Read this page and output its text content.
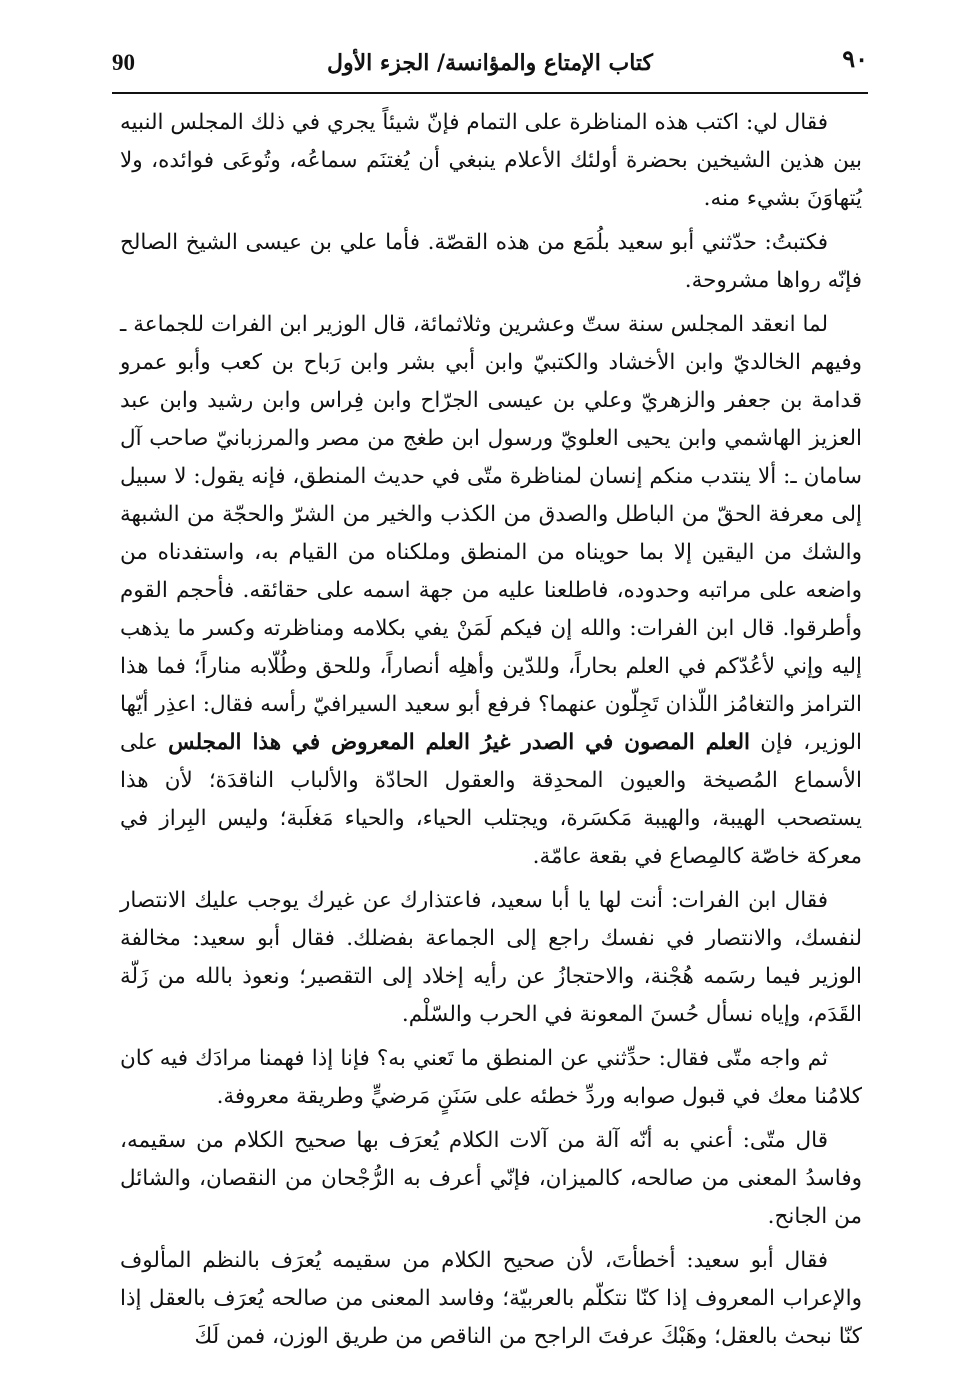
٩٠
كتاب الإمتاع والمؤانسة/ الجزء الأول
90

فقال لي: اكتب هذه المناظرة على التمام فإنّ شيئاً يجري في ذلك المجلس النبيه بين هذين الشيخين بحضرة أولئك الأعلام ينبغي أن يُغتنَم سماعُه، وتُوعَى فوائده، ولا يُتهاوَنَ بشيء منه.

فكتبتُ: حدّثني أبو سعيد بلُمَع من هذه القصّة. فأما علي بن عيسى الشيخ الصالح فإنّه رواها مشروحة.

لما انعقد المجلس سنة ستّ وعشرين وثلاثمائة، قال الوزير ابن الفرات للجماعة ـ وفيهم الخالديّ وابن الأخشاد والكتبيّ وابن أبي بشر وابن رَباح بن كعب وأبو عمرو قدامة بن جعفر والزهريّ وعلي بن عيسى الجرّاح وابن فِراس وابن رشيد وابن عبد العزيز الهاشمي وابن يحيى العلويّ ورسول ابن طغج من مصر والمرزبانيّ صاحب آل سامان ـ: ألا ينتدب منكم إنسان لمناظرة متّى في حديث المنطق، فإنه يقول: لا سبيل إلى معرفة الحقّ من الباطل والصدق من الكذب والخير من الشرّ والحجّة من الشبهة والشك من اليقين إلا بما حويناه من المنطق وملكناه من القيام به، واستفدناه من واضعه على مراتبه وحدوده، فاطلعنا عليه من جهة اسمه على حقائقه. فأحجم القوم وأطرقوا. قال ابن الفرات: والله إن فيكم لَمَنْ يفي بكلامه ومناظرته وكسر ما يذهب إليه وإني لأعُدّكم في العلم بحاراً، وللدّين وأهلِه أنصاراً، وللحق وطُلّابه مناراً؛ فما هذا الترامز والتغامُز اللّذان تَجِلّون عنهما؟ فرفع أبو سعيد السيرافيّ رأسه فقال: اعذِر أيّها الوزير، فإن العلم المصون في الصدر غيرُ العلم المعروض في هذا المجلس على الأسماع المُصيخة والعيون المحدِقة والعقول الحادّة والألباب الناقدَة؛ لأن هذا يستصحب الهيبة، والهيبة مَكسَرة، ويجتلب الحياء، والحياء مَغلَبة؛ وليس البِراز في معركة خاصّة كالمِصاع في بقعة عامّة.

فقال ابن الفرات: أنت لها يا أبا سعيد، فاعتذارك عن غيرك يوجب عليك الانتصار لنفسك، والانتصار في نفسك راجع إلى الجماعة بفضلك. فقال أبو سعيد: مخالفة الوزير فيما رسَمه هُجْنة، والاحتجازُ عن رأيه إخلاد إلى التقصير؛ ونعوذ بالله من زَلّة القَدَم، وإياه نسأل حُسنَ المعونة في الحرب والسّلْم.

ثم واجه متّى فقال: حدِّثني عن المنطق ما تَعني به؟ فإنا إذا فهمنا مرادَك فيه كان كلامُنا معك في قبول صوابه وردِّ خطئه على سَنَنٍ مَرضيٍّ وطريقة معروفة.

قال متّى: أعني به أنّه آلة من آلات الكلام يُعرَف بها صحيح الكلام من سقيمه، وفاسدُ المعنى من صالحه، كالميزان، فإنّي أعرف به الرُّجْحان من النقصان، والشائل من الجانح.

فقال أبو سعيد: أخطأتَ، لأن صحيح الكلام من سقيمه يُعرَف بالنظم المألوف والإعراب المعروف إذا كنّا نتكلّم بالعربيّة؛ وفاسد المعنى من صالحه يُعرَف بالعقل إذا كنّا نبحث بالعقل؛ وهَبْكَ عرفتَ الراجح من الناقص من طريق الوزن، فمن لَكَ
